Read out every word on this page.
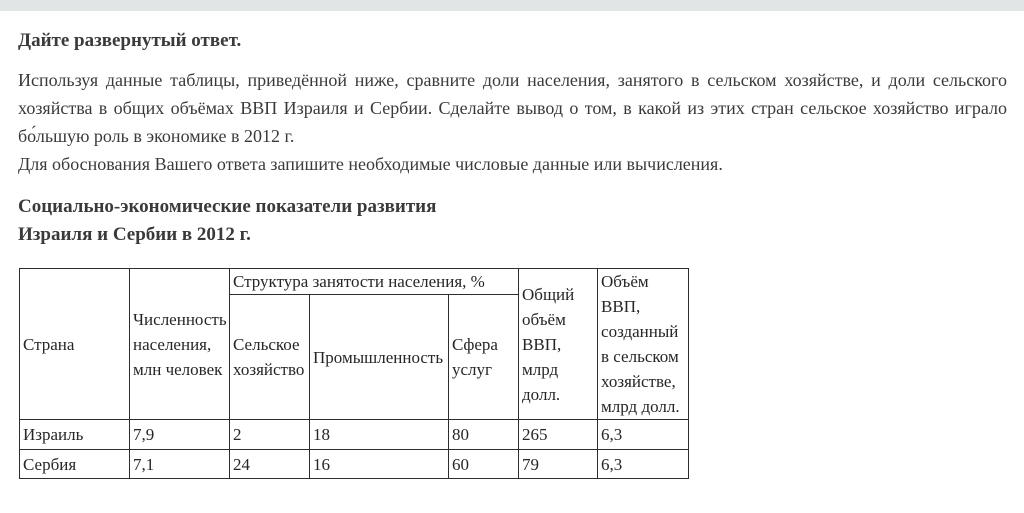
Дайте развернутый ответ.

Используя данные таблицы, приведённой ниже, сравните доли населения, занятого в сельском хозяйстве, и доли сельского хозяйства в общих объёмах ВВП Израиля и Сербии. Сделайте вывод о том, в какой из этих стран сельское хозяйство играло бо́льшую роль в экономике в 2012 г.

Для обоснования Вашего ответа запишите необходимые числовые данные или вычисления.

Социально-экономические показатели развития
Израиля и Сербии в 2012 г.
Страна	Численность населения, млн человек	Структура занятости населения, %			Общий объём ВВП, млрд долл.	Объём ВВП, созданный в сельском хозяйстве, млрд долл.
		Сельское хозяйство	Промышленность	Сфера услуг		
Израиль	7,9	2	18	80	265	6,3
Сербия	7,1	24	16	60	79	6,3
